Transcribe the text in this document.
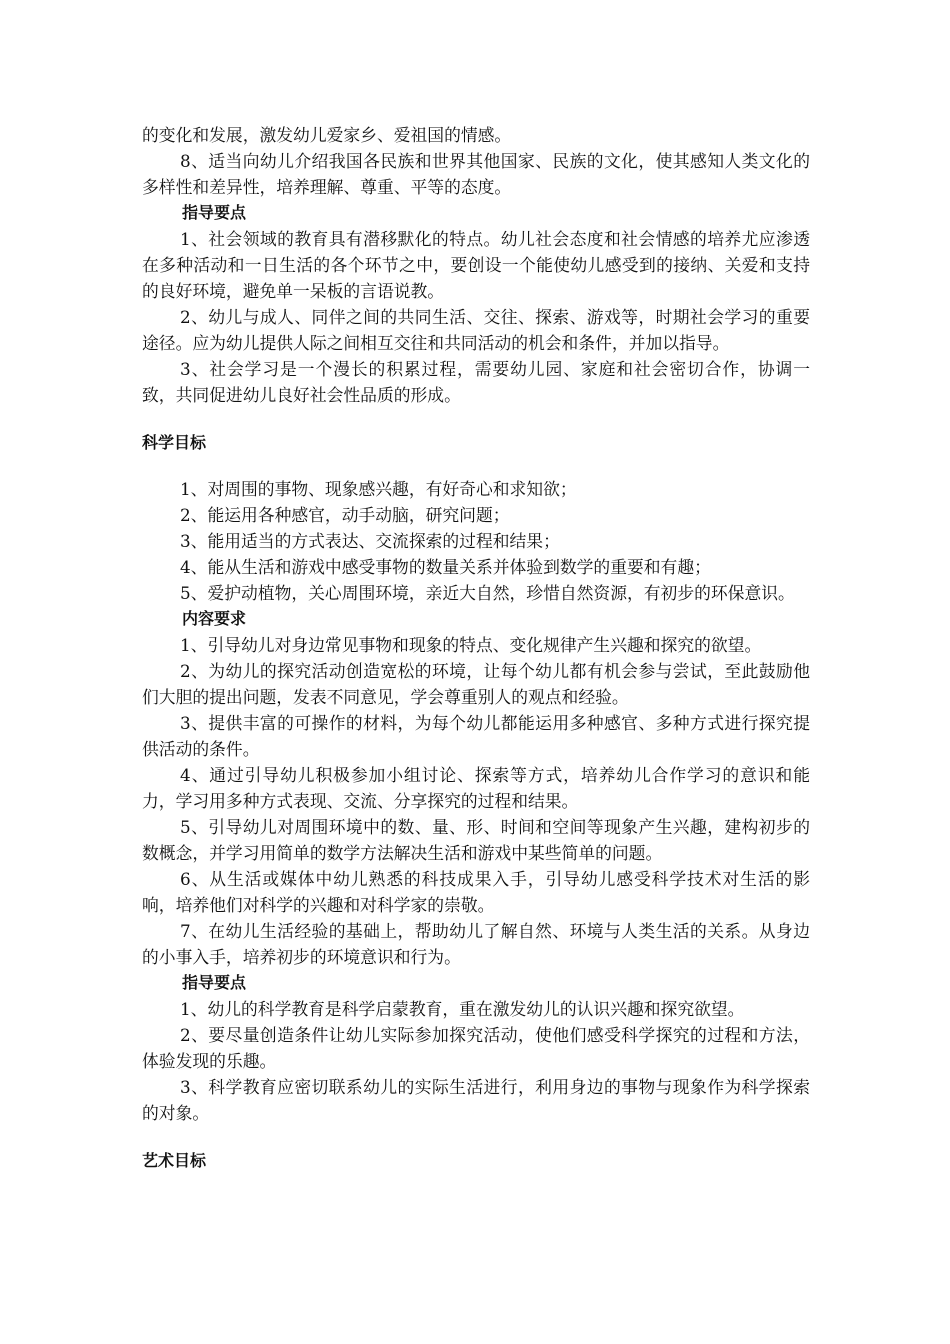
的变化和发展，激发幼儿爱家乡、爱祖国的情感。

8、适当向幼儿介绍我国各民族和世界其他国家、民族的文化，使其感知人类文化的多样性和差异性，培养理解、尊重、平等的态度。

指导要点

1、社会领域的教育具有潜移默化的特点。幼儿社会态度和社会情感的培养尤应渗透在多种活动和一日生活的各个环节之中，要创设一个能使幼儿感受到的接纳、关爱和支持的良好环境，避免单一呆板的言语说教。

2、幼儿与成人、同伴之间的共同生活、交往、探索、游戏等，时期社会学习的重要途径。应为幼儿提供人际之间相互交往和共同活动的机会和条件，并加以指导。

3、社会学习是一个漫长的积累过程，需要幼儿园、家庭和社会密切合作，协调一致，共同促进幼儿良好社会性品质的形成。

科学目标

1、对周围的事物、现象感兴趣，有好奇心和求知欲；

2、能运用各种感官，动手动脑，研究问题；

3、能用适当的方式表达、交流探索的过程和结果；

4、能从生活和游戏中感受事物的数量关系并体验到数学的重要和有趣；

5、爱护动植物，关心周围环境，亲近大自然，珍惜自然资源，有初步的环保意识。

内容要求

1、引导幼儿对身边常见事物和现象的特点、变化规律产生兴趣和探究的欲望。

2、为幼儿的探究活动创造宽松的环境，让每个幼儿都有机会参与尝试，至此鼓励他们大胆的提出问题，发表不同意见，学会尊重别人的观点和经验。

3、提供丰富的可操作的材料，为每个幼儿都能运用多种感官、多种方式进行探究提供活动的条件。

4、通过引导幼儿积极参加小组讨论、探索等方式，培养幼儿合作学习的意识和能力，学习用多种方式表现、交流、分享探究的过程和结果。

5、引导幼儿对周围环境中的数、量、形、时间和空间等现象产生兴趣，建构初步的数概念，并学习用简单的数学方法解决生活和游戏中某些简单的问题。

6、从生活或媒体中幼儿熟悉的科技成果入手，引导幼儿感受科学技术对生活的影响，培养他们对科学的兴趣和对科学家的崇敬。

7、在幼儿生活经验的基础上，帮助幼儿了解自然、环境与人类生活的关系。从身边的小事入手，培养初步的环境意识和行为。

指导要点

1、幼儿的科学教育是科学启蒙教育，重在激发幼儿的认识兴趣和探究欲望。

2、要尽量创造条件让幼儿实际参加探究活动，使他们感受科学探究的过程和方法，体验发现的乐趣。

3、科学教育应密切联系幼儿的实际生活进行，利用身边的事物与现象作为科学探索的对象。

艺术目标
